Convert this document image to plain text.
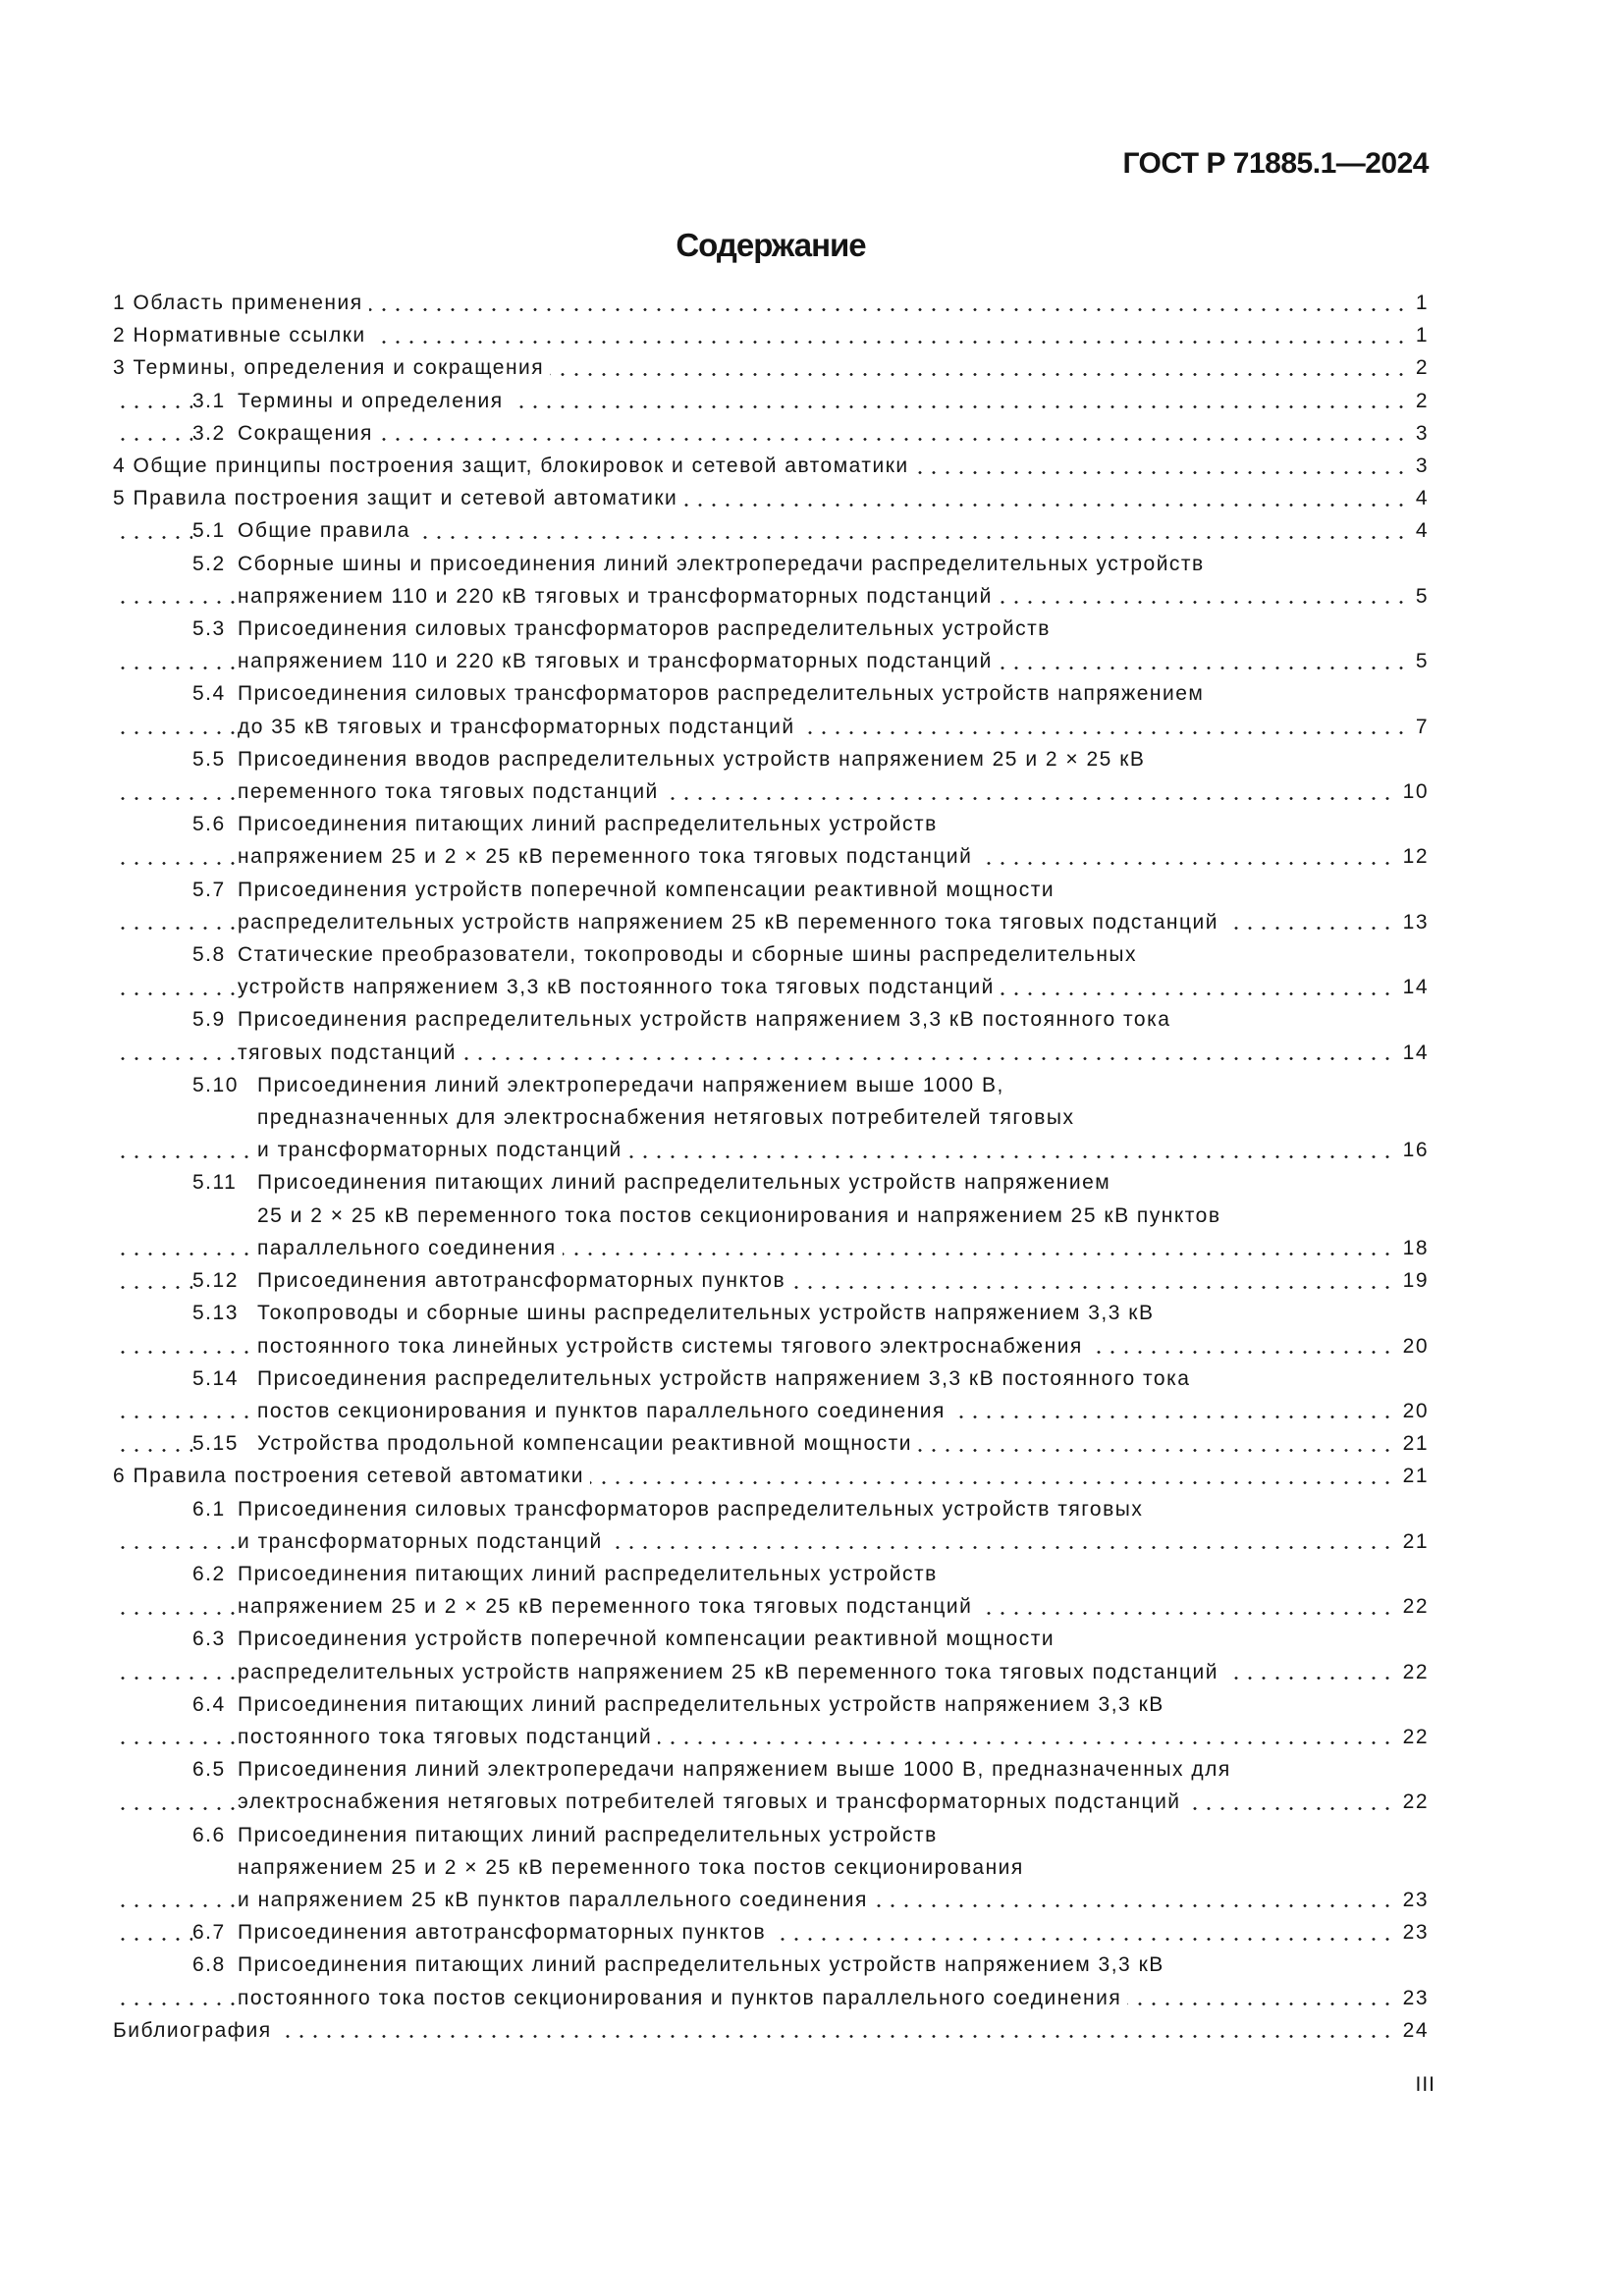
ГОСТ Р 71885.1—2024
Содержание
1 Область применения	1
2 Нормативные ссылки	1
3 Термины, определения и сокращения	2
3.1 Термины и определения	2
3.2 Сокращения	3
4 Общие принципы построения защит, блокировок и сетевой автоматики	3
5 Правила построения защит и сетевой автоматики	4
5.1 Общие правила	4
5.2 Сборные шины и присоединения линий электропередачи распределительных устройств
напряжением 110 и 220 кВ тяговых и трансформаторных подстанций	5
5.3 Присоединения силовых трансформаторов распределительных устройств
напряжением 110 и 220 кВ тяговых и трансформаторных подстанций	5
5.4 Присоединения силовых трансформаторов распределительных устройств напряжением
до 35 кВ тяговых и трансформаторных подстанций	7
5.5 Присоединения вводов распределительных устройств напряжением 25 и 2 × 25 кВ
переменного тока тяговых подстанций	10
5.6 Присоединения питающих линий распределительных устройств
напряжением 25 и 2 × 25 кВ переменного тока тяговых подстанций	12
5.7 Присоединения устройств поперечной компенсации реактивной мощности
распределительных устройств напряжением 25 кВ переменного тока тяговых подстанций	13
5.8 Статические преобразователи, токопроводы и сборные шины распределительных
устройств напряжением 3,3 кВ постоянного тока тяговых подстанций	14
5.9 Присоединения распределительных устройств напряжением 3,3 кВ постоянного тока
тяговых подстанций	14
5.10 Присоединения линий электропередачи напряжением выше 1000 В,
предназначенных для электроснабжения нетяговых потребителей тяговых
и трансформаторных подстанций	16
5.11 Присоединения питающих линий распределительных устройств напряжением
25 и 2 × 25 кВ переменного тока постов секционирования и напряжением 25 кВ пунктов
параллельного соединения	18
5.12 Присоединения автотрансформаторных пунктов	19
5.13 Токопроводы и сборные шины распределительных устройств напряжением 3,3 кВ
постоянного тока линейных устройств системы тягового электроснабжения	20
5.14 Присоединения распределительных устройств напряжением 3,3 кВ постоянного тока
постов секционирования и пунктов параллельного соединения	20
5.15 Устройства продольной компенсации реактивной мощности	21
6 Правила построения сетевой автоматики	21
6.1 Присоединения силовых трансформаторов распределительных устройств тяговых
и трансформаторных подстанций	21
6.2 Присоединения питающих линий распределительных устройств
напряжением 25 и 2 × 25 кВ переменного тока тяговых подстанций	22
6.3 Присоединения устройств поперечной компенсации реактивной мощности
распределительных устройств напряжением 25 кВ переменного тока тяговых подстанций	22
6.4 Присоединения питающих линий распределительных устройств напряжением 3,3 кВ
постоянного тока тяговых подстанций	22
6.5 Присоединения линий электропередачи напряжением выше 1000 В, предназначенных для
электроснабжения нетяговых потребителей тяговых и трансформаторных подстанций	22
6.6 Присоединения питающих линий распределительных устройств
напряжением 25 и 2 × 25 кВ переменного тока постов секционирования
и напряжением 25 кВ пунктов параллельного соединения	23
6.7 Присоединения автотрансформаторных пунктов	23
6.8 Присоединения питающих линий распределительных устройств напряжением 3,3 кВ
постоянного тока постов секционирования и пунктов параллельного соединения	23
Библиография	24
III
